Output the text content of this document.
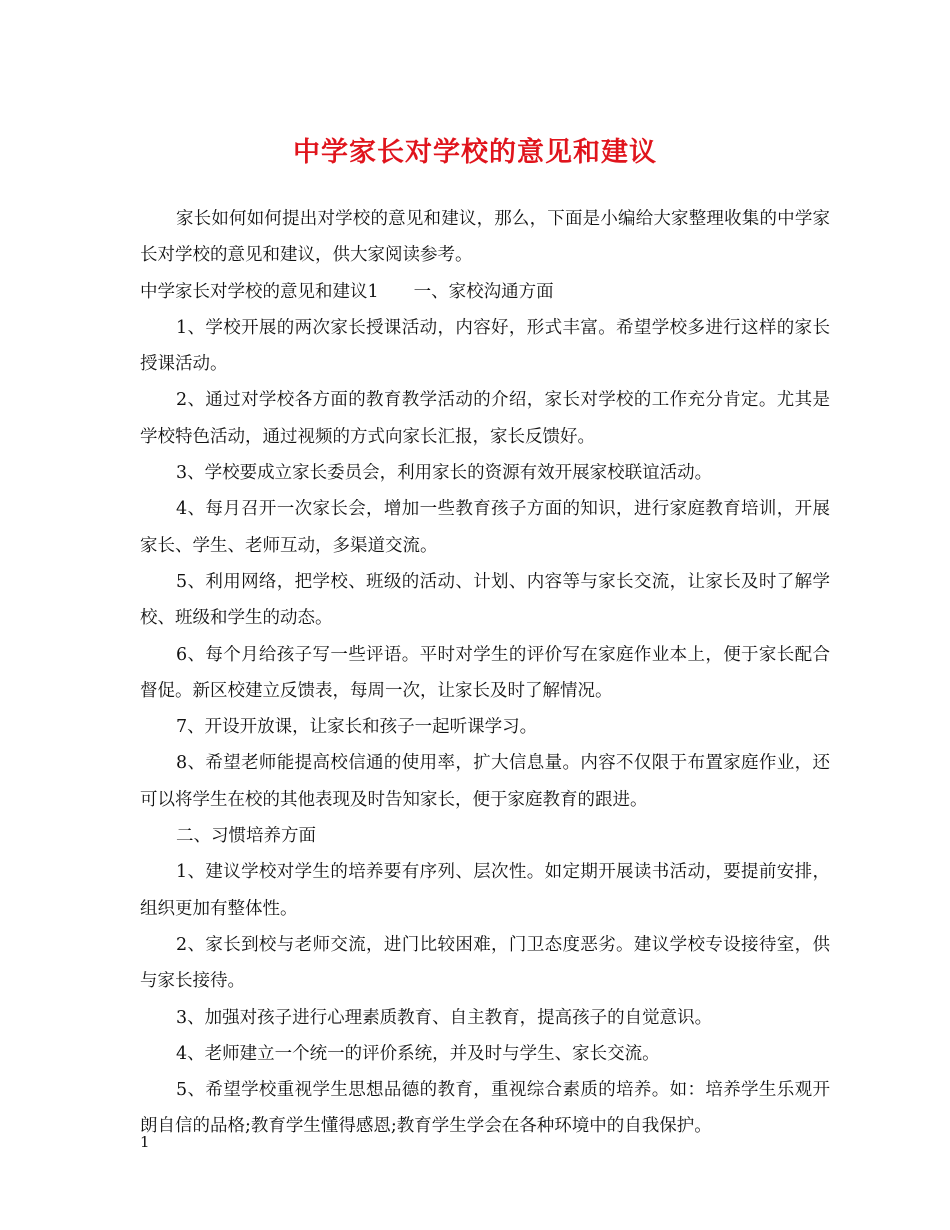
中学家长对学校的意见和建议

家长如何如何提出对学校的意见和建议，那么，下面是小编给大家整理收集的中学家长对学校的意见和建议，供大家阅读参考。

中学家长对学校的意见和建议1　　一、家校沟通方面

1、学校开展的两次家长授课活动，内容好，形式丰富。希望学校多进行这样的家长授课活动。

2、通过对学校各方面的教育教学活动的介绍，家长对学校的工作充分肯定。尤其是学校特色活动，通过视频的方式向家长汇报，家长反馈好。

3、学校要成立家长委员会，利用家长的资源有效开展家校联谊活动。

4、每月召开一次家长会，增加一些教育孩子方面的知识，进行家庭教育培训，开展家长、学生、老师互动，多渠道交流。

5、利用网络，把学校、班级的活动、计划、内容等与家长交流，让家长及时了解学校、班级和学生的动态。

6、每个月给孩子写一些评语。平时对学生的评价写在家庭作业本上，便于家长配合督促。新区校建立反馈表，每周一次，让家长及时了解情况。

7、开设开放课，让家长和孩子一起听课学习。

8、希望老师能提高校信通的使用率，扩大信息量。内容不仅限于布置家庭作业，还可以将学生在校的其他表现及时告知家长，便于家庭教育的跟进。

二、习惯培养方面

1、建议学校对学生的培养要有序列、层次性。如定期开展读书活动，要提前安排，组织更加有整体性。

2、家长到校与老师交流，进门比较困难，门卫态度恶劣。建议学校专设接待室，供与家长接待。

3、加强对孩子进行心理素质教育、自主教育，提高孩子的自觉意识。

4、老师建立一个统一的评价系统，并及时与学生、家长交流。

5、希望学校重视学生思想品德的教育，重视综合素质的培养。如：培养学生乐观开朗自信的品格;教育学生懂得感恩;教育学生学会在各种环境中的自我保护。

1
